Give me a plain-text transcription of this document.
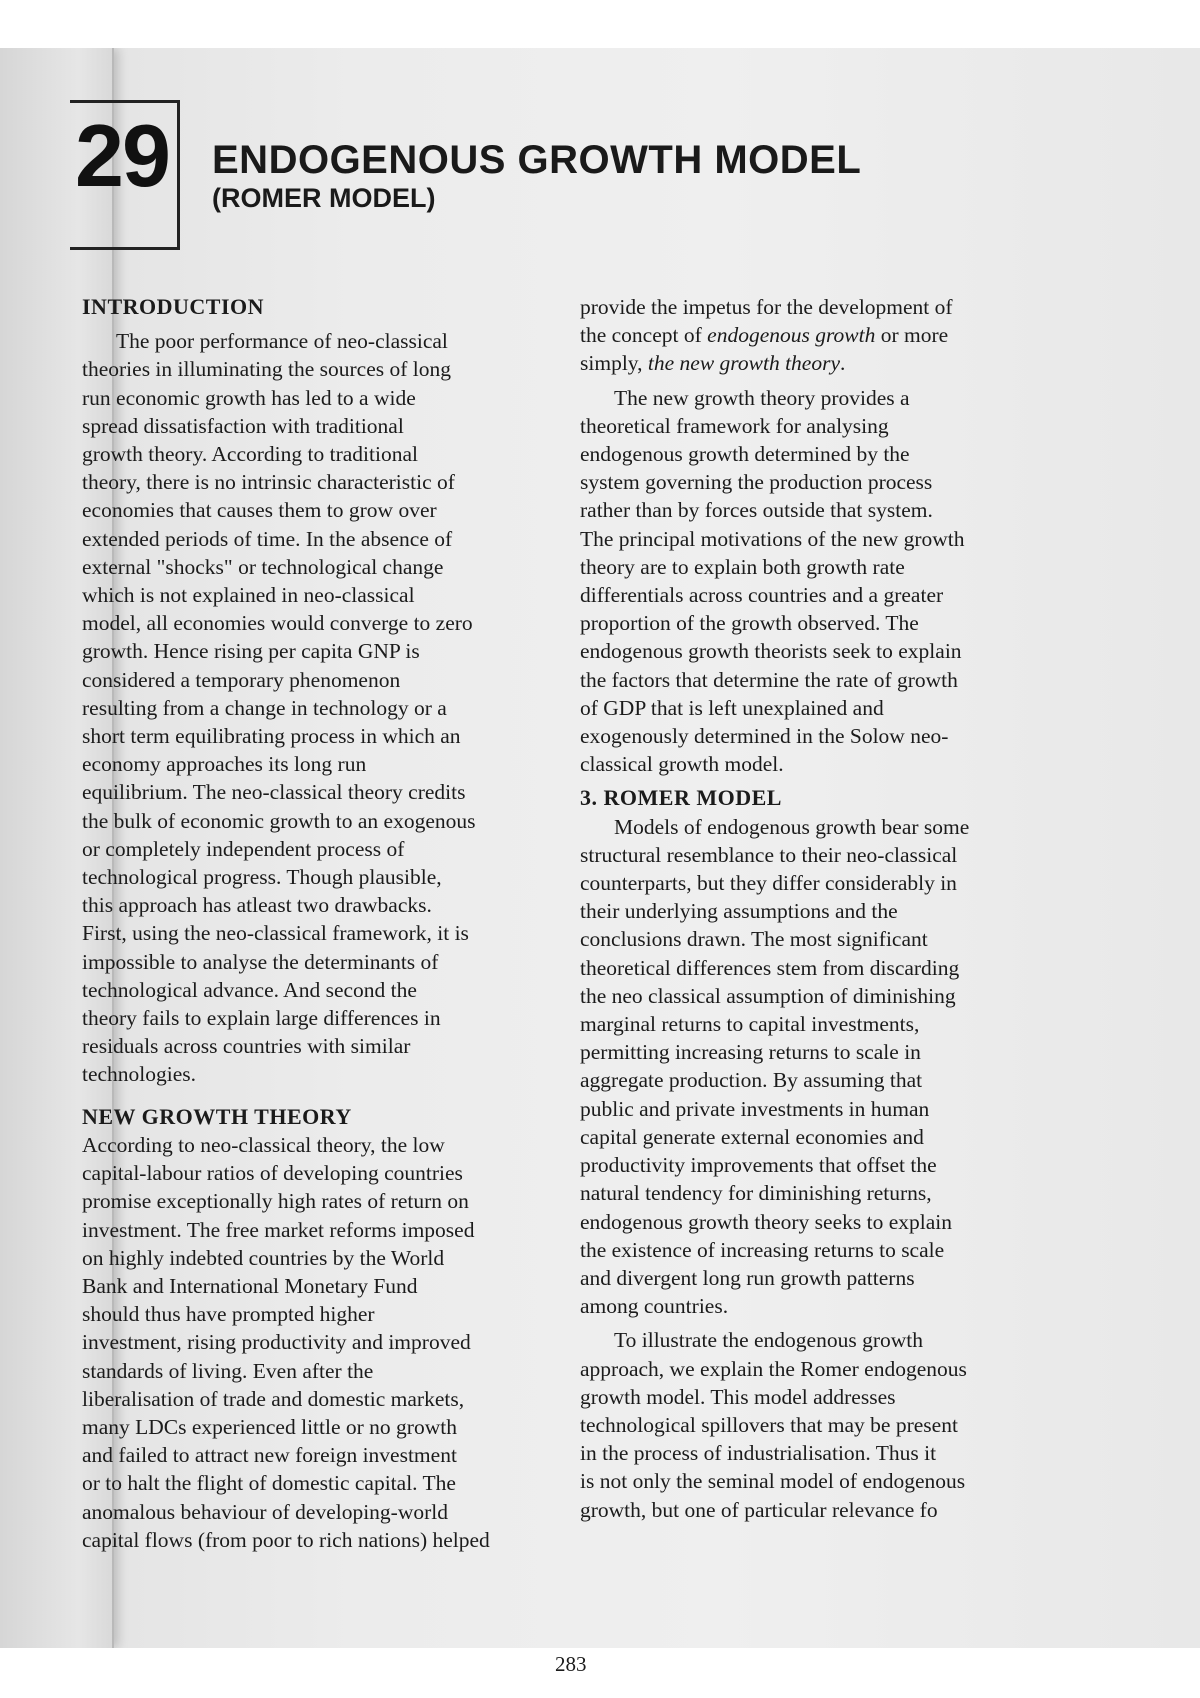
29 ENDOGENOUS GROWTH MODEL
(ROMER MODEL)
INTRODUCTION

The poor performance of neo-classical
theories in illuminating the sources of long
run economic growth has led to a wide
spread dissatisfaction with traditional
growth theory. According to traditional
theory, there is no intrinsic characteristic of
economies that causes them to grow over
extended periods of time. In the absence of
external "shocks" or technological change
which is not explained in neo-classical
model, all economies would converge to zero
growth. Hence rising per capita GNP is
considered a temporary phenomenon
resulting from a change in technology or a
short term equilibrating process in which an
economy approaches its long run
equilibrium. The neo-classical theory credits
the bulk of economic growth to an exogenous
or completely independent process of
technological progress. Though plausible,
this approach has atleast two drawbacks.
First, using the neo-classical framework, it is
impossible to analyse the determinants of
technological advance. And second the
theory fails to explain large differences in
residuals across countries with similar
technologies.

NEW GROWTH THEORY

According to neo-classical theory, the low
capital-labour ratios of developing countries
promise exceptionally high rates of return on
investment. The free market reforms imposed
on highly indebted countries by the World
Bank and International Monetary Fund
should thus have prompted higher
investment, rising productivity and improved
standards of living. Even after the
liberalisation of trade and domestic markets,
many LDCs experienced little or no growth
and failed to attract new foreign investment
or to halt the flight of domestic capital. The
anomalous behaviour of developing-world
capital flows (from poor to rich nations) helped

provide the impetus for the development of
the concept of endogenous growth or more
simply, the new growth theory.

The new growth theory provides a
theoretical framework for analysing
endogenous growth determined by the
system governing the production process
rather than by forces outside that system.
The principal motivations of the new growth
theory are to explain both growth rate
differentials across countries and a greater
proportion of the growth observed. The
endogenous growth theorists seek to explain
the factors that determine the rate of growth
of GDP that is left unexplained and
exogenously determined in the Solow neo-
classical growth model.

3. ROMER MODEL

Models of endogenous growth bear some
structural resemblance to their neo-classical
counterparts, but they differ considerably in
their underlying assumptions and the
conclusions drawn. The most significant
theoretical differences stem from discarding
the neo classical assumption of diminishing
marginal returns to capital investments,
permitting increasing returns to scale in
aggregate production. By assuming that
public and private investments in human
capital generate external economies and
productivity improvements that offset the
natural tendency for diminishing returns,
endogenous growth theory seeks to explain
the existence of increasing returns to scale
and divergent long run growth patterns
among countries.

To illustrate the endogenous growth
approach, we explain the Romer endogenous
growth model. This model addresses
technological spillovers that may be present
in the process of industrialisation. Thus it
is not only the seminal model of endogenous
growth, but one of particular relevance fo

283
